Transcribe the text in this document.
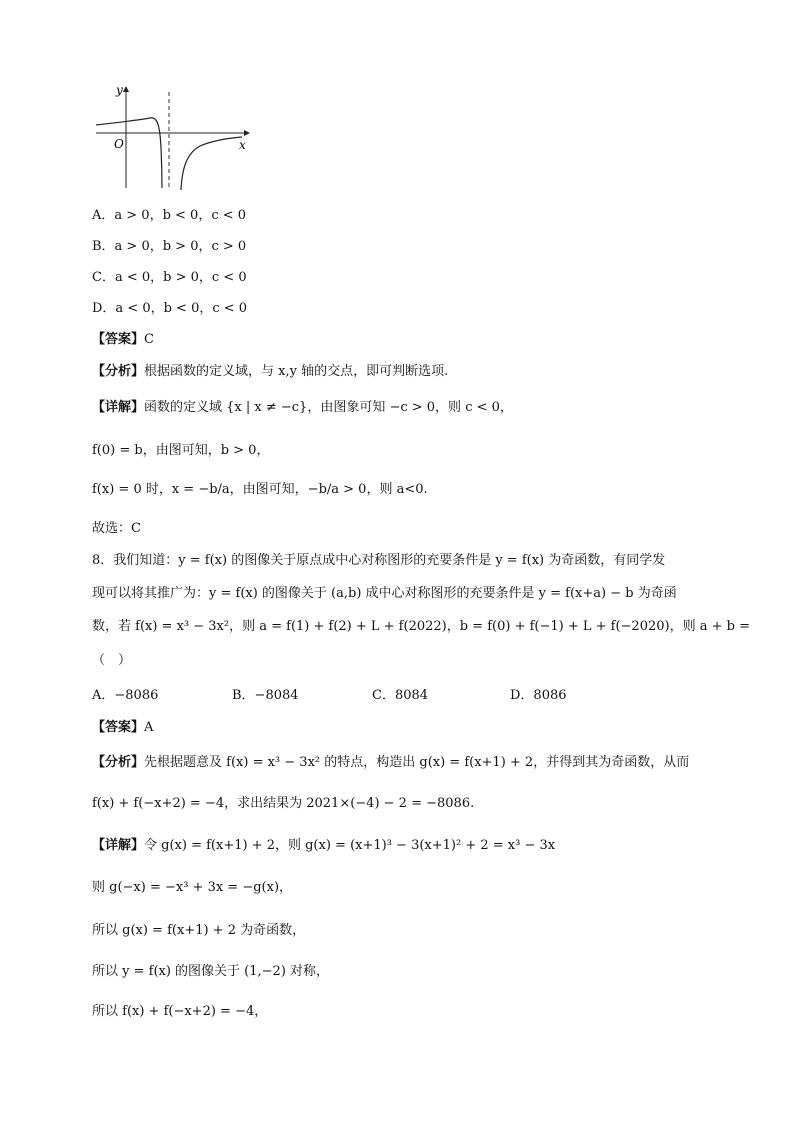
y
x
O
A．a > 0，b < 0，c < 0
B．a > 0，b > 0，c > 0
C．a < 0，b > 0，c < 0
D．a < 0，b < 0，c < 0
【答案】C
【分析】根据函数的定义域，与 x,y 轴的交点，即可判断选项.
【详解】函数的定义域 {x | x ≠ −c}，由图象可知 −c > 0，则 c < 0，
f(0) = b，由图可知，b > 0，
f(x) = 0 时，x = −b/a，由图可知，−b/a > 0，则 a<0.
故选：C
8．我们知道：y = f(x) 的图像关于原点成中心对称图形的充要条件是 y = f(x) 为奇函数，有同学发
现可以将其推广为：y = f(x) 的图像关于 (a,b) 成中心对称图形的充要条件是 y = f(x+a) − b 为奇函
数，若 f(x) = x³ − 3x²，则 a = f(1) + f(2) + L + f(2022)，b = f(0) + f(−1) + L + f(−2020)，则 a + b =
（　）
A．−8086	B．−8084	C．8084	D．8086
【答案】A
【分析】先根据题意及 f(x) = x³ − 3x² 的特点，构造出 g(x) = f(x+1) + 2，并得到其为奇函数，从而
f(x) + f(−x+2) = −4，求出结果为 2021×(−4) − 2 = −8086.
【详解】令 g(x) = f(x+1) + 2，则 g(x) = (x+1)³ − 3(x+1)² + 2 = x³ − 3x
则 g(−x) = −x³ + 3x = −g(x)，
所以 g(x) = f(x+1) + 2 为奇函数，
所以 y = f(x) 的图像关于 (1,−2) 对称，
所以 f(x) + f(−x+2) = −4，
